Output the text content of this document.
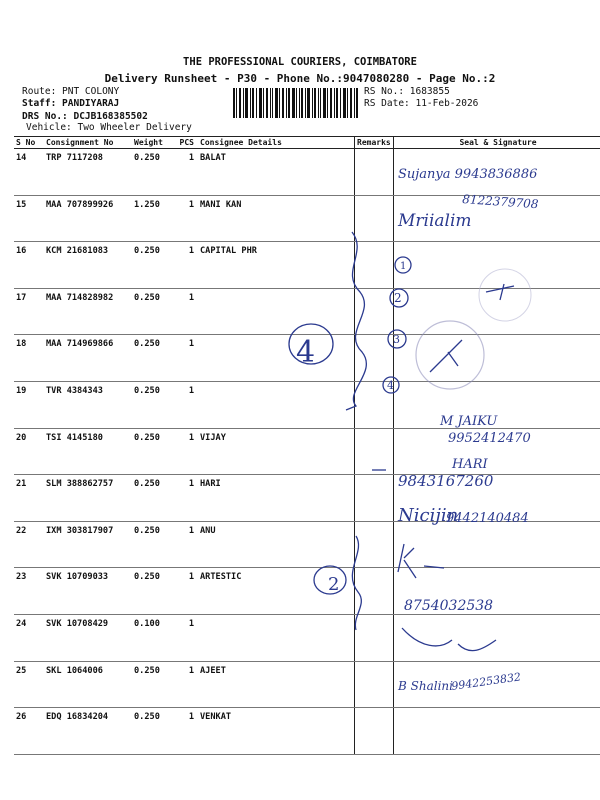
THE PROFESSIONAL COURIERS, COIMBATORE
Delivery Runsheet - P30 - Phone No.:9047080280 - Page No.:2
Route: PNT COLONY
Staff: PANDIYARAJ
DRS No.: DCJB168385502
Vehicle: Two Wheeler Delivery
RS No.: 1683855
RS Date: 11-Feb-2026
S No	Consignment No	Weight	PCS	Consignee Details	Remarks	Seal & Signature
14	TRP 7117208	0.250	1	BALAT		
15	MAA 707899926	1.250	1	MANI KAN		
16	KCM 21681083	0.250	1	CAPITAL PHR		
17	MAA 714828982	0.250	1			
18	MAA 714969866	0.250	1			
19	TVR 4384343	0.250	1			
20	TSI 4145180	0.250	1	VIJAY		
21	SLM 388862757	0.250	1	HARI		
22	IXM 303817907	0.250	1	ANU		
23	SVK 10709033	0.250	1	ARTESTIC		
24	SVK 10708429	0.100	1			
25	SKL 1064006	0.250	1	AJEET		
26	EDQ 16834204	0.250	1	VENKAT		
Sujanya 9943836886
8122379708
Mriialim
4
1
2
3
4
M JAIKU
9952412470
HARI
9843167260
Nicijin
9442140484
2
8754032538
B Shalini
9942253832
